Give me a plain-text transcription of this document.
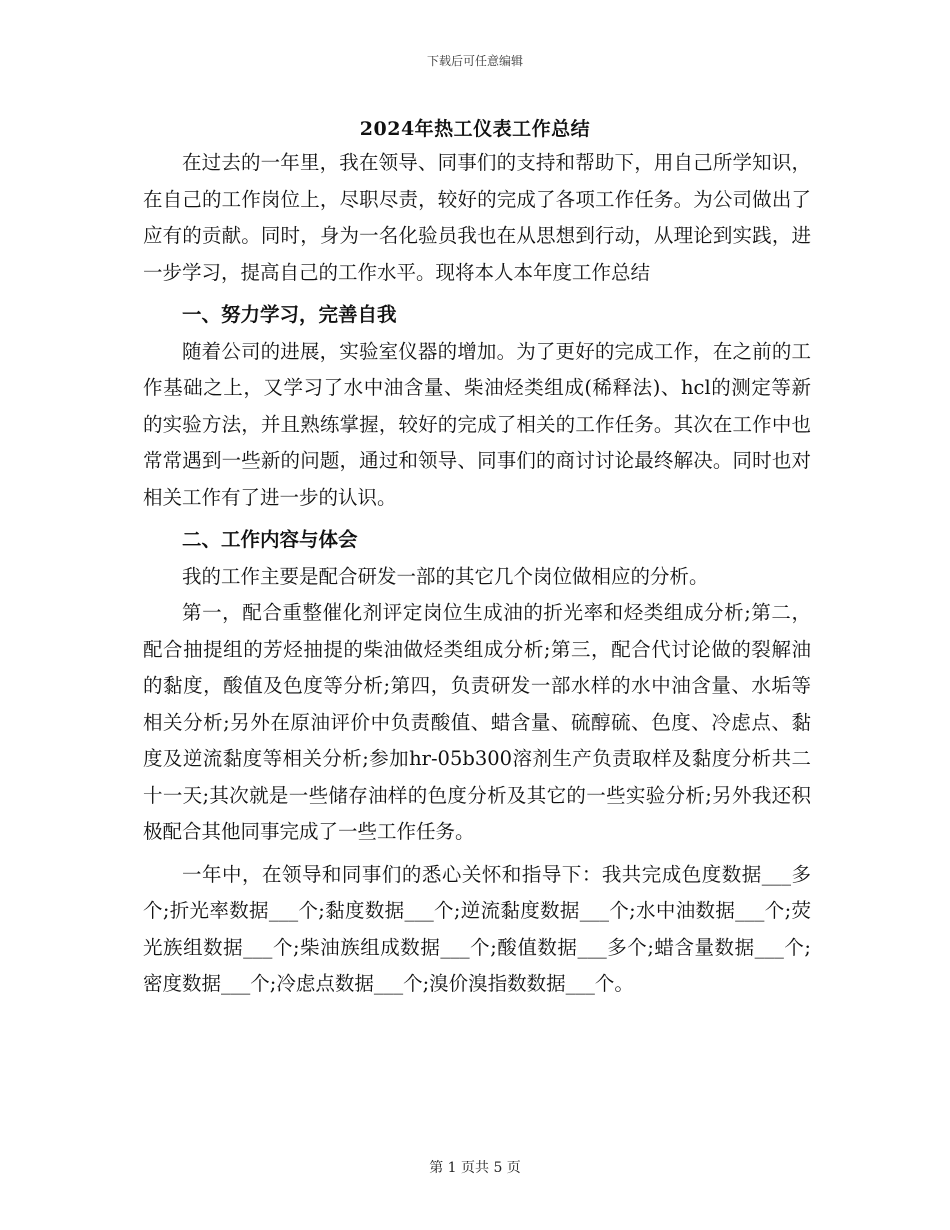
下载后可任意编辑
2024年热工仪表工作总结

在过去的一年里，我在领导、同事们的支持和帮助下，用自己所学知识，在自己的工作岗位上，尽职尽责，较好的完成了各项工作任务。为公司做出了应有的贡献。同时，身为一名化验员我也在从思想到行动，从理论到实践，进一步学习，提高自己的工作水平。现将本人本年度工作总结

一、努力学习，完善自我

随着公司的进展，实验室仪器的增加。为了更好的完成工作，在之前的工作基础之上，又学习了水中油含量、柴油烃类组成(稀释法)、hcl的测定等新的实验方法，并且熟练掌握，较好的完成了相关的工作任务。其次在工作中也常常遇到一些新的问题，通过和领导、同事们的商讨讨论最终解决。同时也对相关工作有了进一步的认识。

二、工作内容与体会

我的工作主要是配合研发一部的其它几个岗位做相应的分析。

第一，配合重整催化剂评定岗位生成油的折光率和烃类组成分析;第二，配合抽提组的芳烃抽提的柴油做烃类组成分析;第三，配合代讨论做的裂解油的黏度，酸值及色度等分析;第四，负责研发一部水样的水中油含量、水垢等相关分析;另外在原油评价中负责酸值、蜡含量、硫醇硫、色度、冷虑点、黏度及逆流黏度等相关分析;参加hr-05b300溶剂生产负责取样及黏度分析共二十一天;其次就是一些储存油样的色度分析及其它的一些实验分析;另外我还积极配合其他同事完成了一些工作任务。

一年中，在领导和同事们的悉心关怀和指导下：我共完成色度数据___多个;折光率数据___个;黏度数据___个;逆流黏度数据___个;水中油数据___个;荧光族组数据___个;柴油族组成数据___个;酸值数据___多个;蜡含量数据___个;密度数据___个;冷虑点数据___个;溴价溴指数数据___个。

第 1 页共 5 页
